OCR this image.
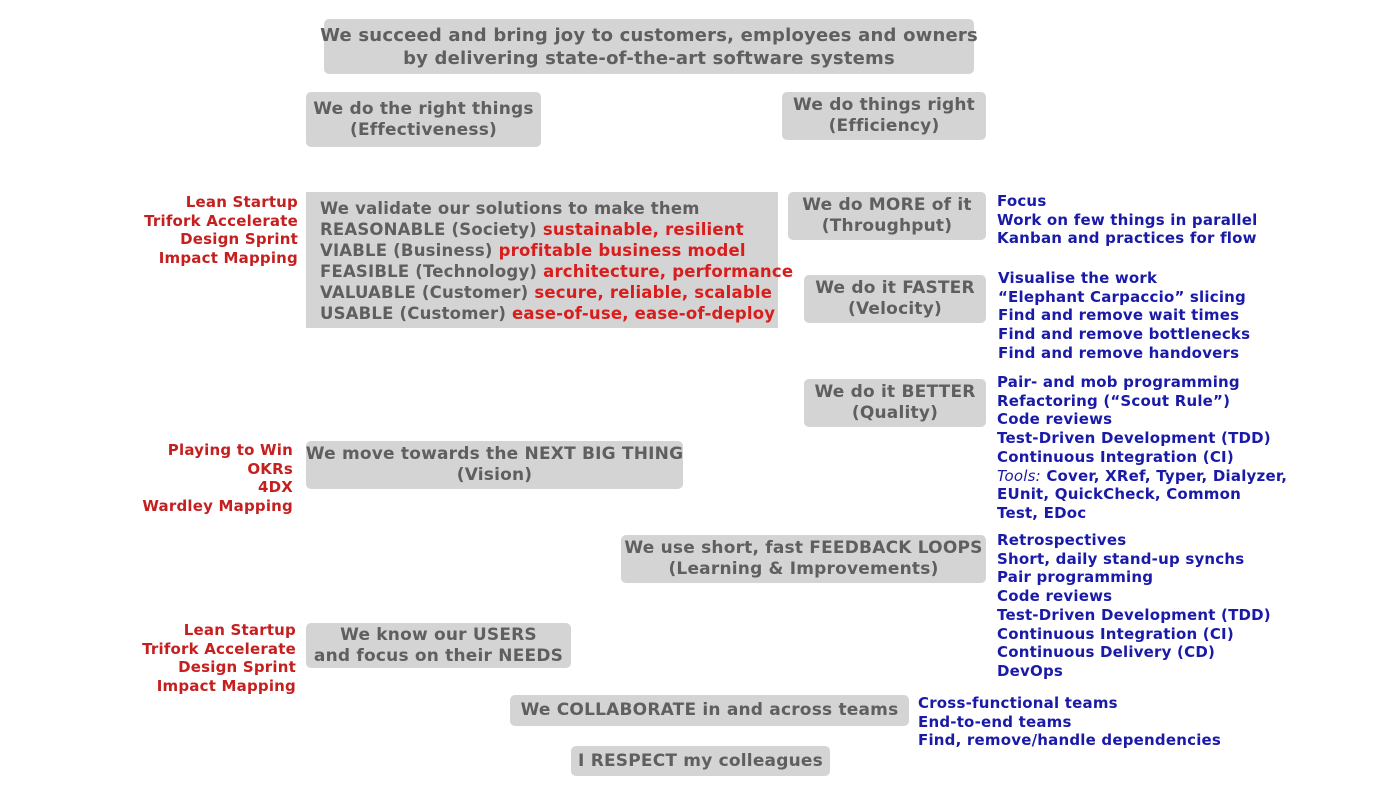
We succeed and bring joy to customers, employees and owners
by delivering state-of-the-art software systems
We do the right things
(Effectiveness)
We do things right
(Efficiency)
Lean Startup
Trifork Accelerate
Design Sprint
Impact Mapping
We validate our solutions to make them
REASONABLE (Society) sustainable, resilient
VIABLE (Business) profitable business model
FEASIBLE (Technology) architecture, performance
VALUABLE (Customer) secure, reliable, scalable
USABLE (Customer) ease-of-use, ease-of-deploy
We do MORE of it
(Throughput)
Focus
Work on few things in parallel
Kanban and practices for flow
We do it FASTER
(Velocity)
Visualise the work
“Elephant Carpaccio” slicing
Find and remove wait times
Find and remove bottlenecks
Find and remove handovers
We do it BETTER
(Quality)
Pair- and mob programming
Refactoring (“Scout Rule”)
Code reviews
Test-Driven Development (TDD)
Continuous Integration (CI)
Tools: Cover, XRef, Typer, Dialyzer,
EUnit, QuickCheck, Common
Test, EDoc
Playing to Win
OKRs
4DX
Wardley Mapping
We move towards the NEXT BIG THING
(Vision)
We use short, fast FEEDBACK LOOPS
(Learning & Improvements)
Retrospectives
Short, daily stand-up synchs
Pair programming
Code reviews
Test-Driven Development (TDD)
Continuous Integration (CI)
Continuous Delivery (CD)
DevOps
Lean Startup
Trifork Accelerate
Design Sprint
Impact Mapping
We know our USERS
and focus on their NEEDS
We COLLABORATE in and across teams Cross-functional teams
End-to-end teams
Find, remove/handle dependencies
I RESPECT my colleagues
